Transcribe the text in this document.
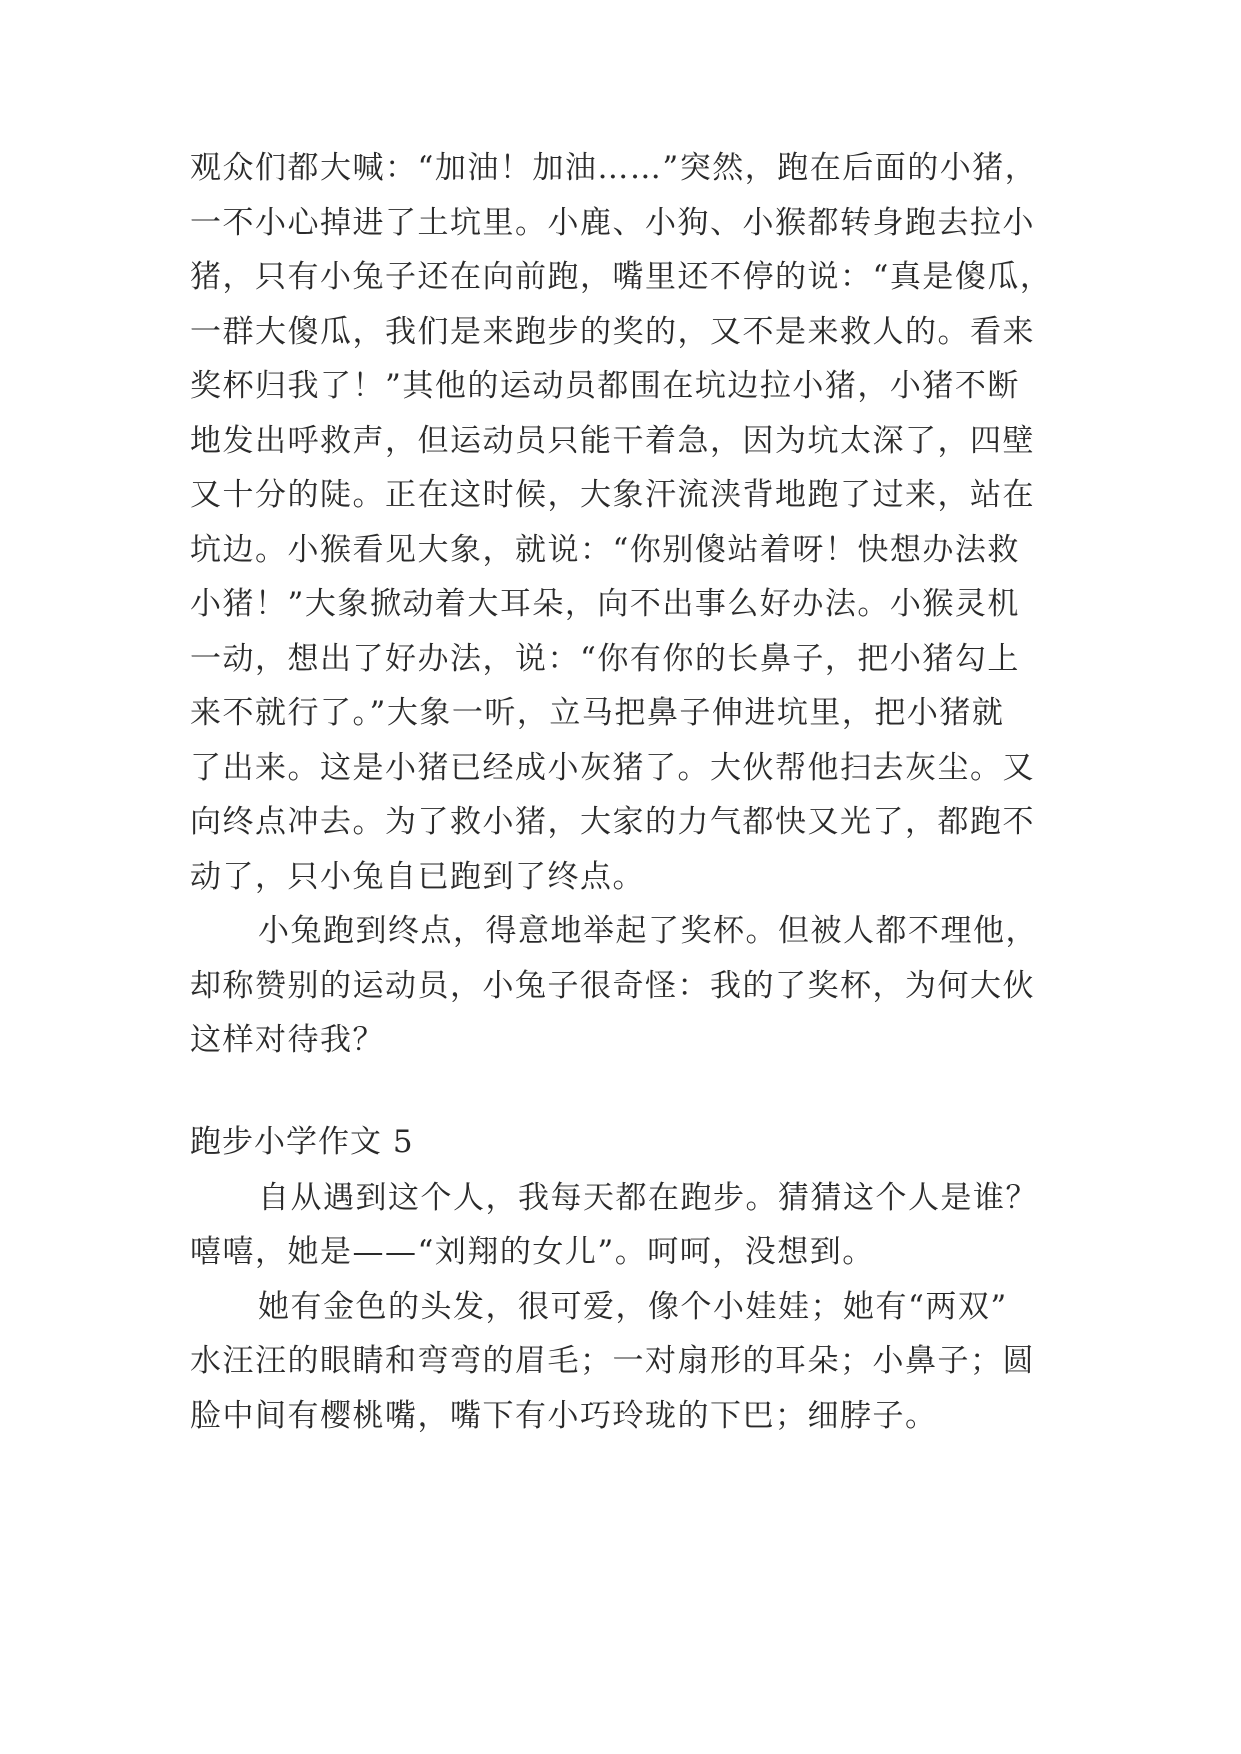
观众们都大喊：“加油！加油……”突然，跑在后面的小猪，
一不小心掉进了土坑里。小鹿、小狗、小猴都转身跑去拉小
猪，只有小兔子还在向前跑，嘴里还不停的说：“真是傻瓜，
一群大傻瓜，我们是来跑步的奖的，又不是来救人的。看来
奖杯归我了！”其他的运动员都围在坑边拉小猪，小猪不断
地发出呼救声，但运动员只能干着急，因为坑太深了，四壁
又十分的陡。正在这时候，大象汗流浃背地跑了过来，站在
坑边。小猴看见大象，就说：“你别傻站着呀！快想办法救
小猪！”大象掀动着大耳朵，向不出事么好办法。小猴灵机
一动，想出了好办法，说：“你有你的长鼻子，把小猪勾上
来不就行了。”大象一听，立马把鼻子伸进坑里，把小猪就
了出来。这是小猪已经成小灰猪了。大伙帮他扫去灰尘。又
向终点冲去。为了救小猪，大家的力气都快又光了，都跑不
动了，只小兔自已跑到了终点。
小兔跑到终点，得意地举起了奖杯。但被人都不理他，
却称赞别的运动员，小兔子很奇怪：我的了奖杯，为何大伙
这样对待我？
跑步小学作文 5
自从遇到这个人，我每天都在跑步。猜猜这个人是谁？
嘻嘻，她是——“刘翔的女儿”。呵呵，没想到。
她有金色的头发，很可爱，像个小娃娃；她有“两双”
水汪汪的眼睛和弯弯的眉毛；一对扇形的耳朵；小鼻子；圆
脸中间有樱桃嘴，嘴下有小巧玲珑的下巴；细脖子。
